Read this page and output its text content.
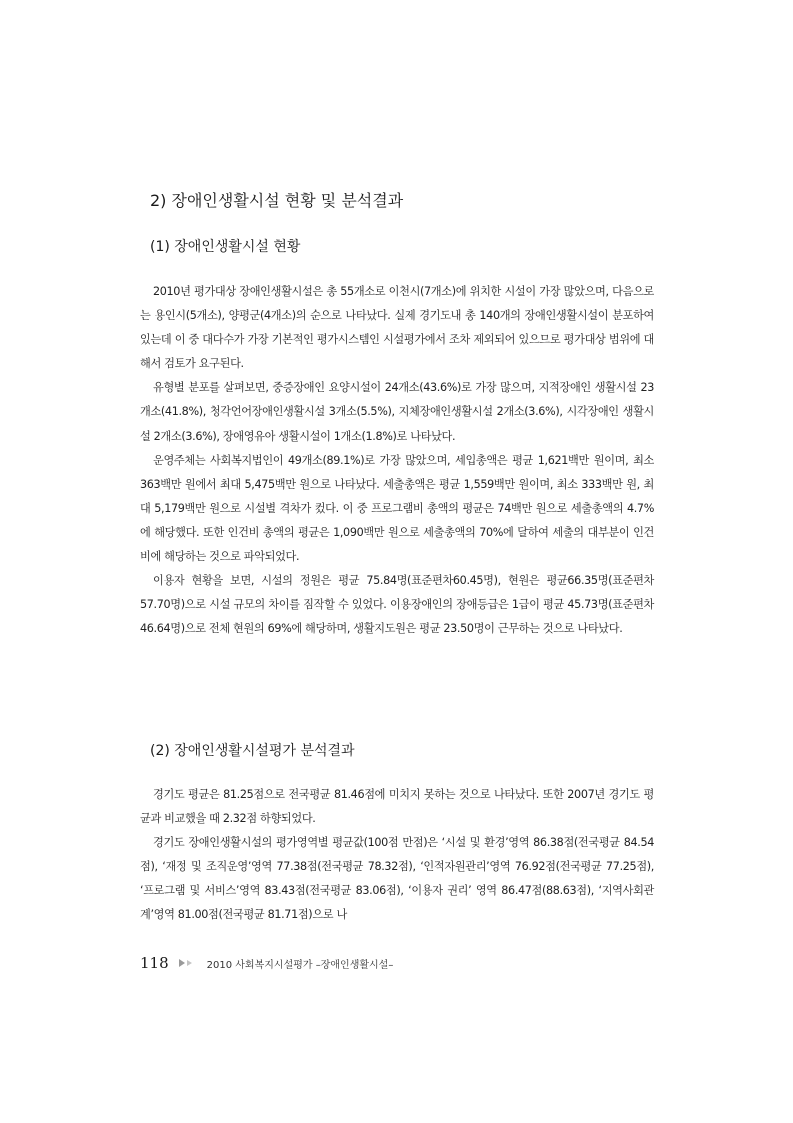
2) 장애인생활시설 현황 및 분석결과
(1) 장애인생활시설 현황

2010년 평가대상 장애인생활시설은 총 55개소로 이천시(7개소)에 위치한 시설이 가장 많았으며, 다음으로는 용인시(5개소), 양평군(4개소)의 순으로 나타났다. 실제 경기도내 총 140개의 장애인생활시설이 분포하여 있는데 이 중 대다수가 가장 기본적인 평가시스템인 시설평가에서 조차 제외되어 있으므로 평가대상 범위에 대해서 검토가 요구된다.

유형별 분포를 살펴보면, 중증장애인 요양시설이 24개소(43.6%)로 가장 많으며, 지적장애인 생활시설 23개소(41.8%), 청각언어장애인생활시설 3개소(5.5%), 지체장애인생활시설 2개소(3.6%), 시각장애인 생활시설 2개소(3.6%), 장애영유아 생활시설이 1개소(1.8%)로 나타났다.

운영주체는 사회복지법인이 49개소(89.1%)로 가장 많았으며, 세입총액은 평균 1,621백만 원이며, 최소 363백만 원에서 최대 5,475백만 원으로 나타났다. 세출총액은 평균 1,559백만 원이며, 최소 333백만 원, 최대 5,179백만 원으로 시설별 격차가 컸다. 이 중 프로그램비 총액의 평균은 74백만 원으로 세출총액의 4.7%에 해당했다. 또한 인건비 총액의 평균은 1,090백만 원으로 세출총액의 70%에 달하여 세출의 대부분이 인건비에 해당하는 것으로 파악되었다.

이용자 현황을 보면, 시설의 정원은 평균 75.84명(표준편차60.45명), 현원은 평균66.35명(표준편차 57.70명)으로 시설 규모의 차이를 짐작할 수 있었다. 이용장애인의 장애등급은 1급이 평균 45.73명(표준편차 46.64명)으로 전체 현원의 69%에 해당하며, 생활지도원은 평균 23.50명이 근무하는 것으로 나타났다.

(2) 장애인생활시설평가 분석결과

경기도 평균은 81.25점으로 전국평균 81.46점에 미치지 못하는 것으로 나타났다. 또한 2007년 경기도 평균과 비교했을 때 2.32점 하향되었다.

경기도 장애인생활시설의 평가영역별 평균값(100점 만점)은 ‘시설 및 환경’영역 86.38점(전국평균 84.54점), ‘재정 및 조직운영’영역 77.38점(전국평균 78.32점), ‘인적자원관리’영역 76.92점(전국평균 77.25점), ‘프로그램 및 서비스’영역 83.43점(전국평균 83.06점), ‘이용자 권리’ 영역 86.47점(88.63점), ‘지역사회관계’영역 81.00점(전국평균 81.71점)으로 나

118	2010 사회복지시설평가 –장애인생활시설–
